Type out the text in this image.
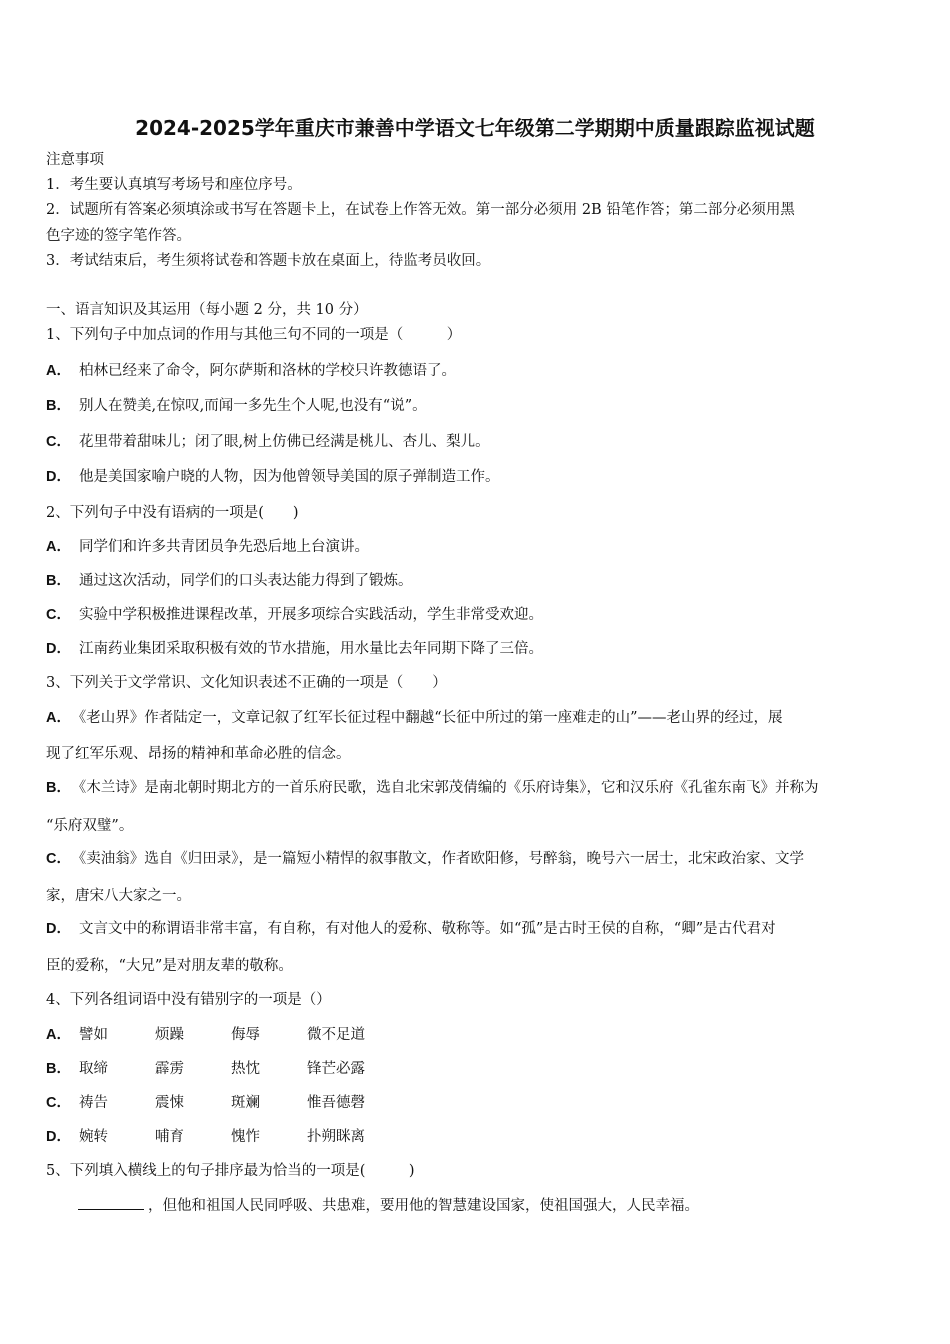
2024-2025学年重庆市兼善中学语文七年级第二学期期中质量跟踪监视试题
注意事项
1．考生要认真填写考场号和座位序号。
2．试题所有答案必须填涂或书写在答题卡上，在试卷上作答无效。第一部分必须用 2B 铅笔作答；第二部分必须用黑
色字迹的签字笔作答。
3．考试结束后，考生须将试卷和答题卡放在桌面上，待监考员收回。
一、语言知识及其运用（每小题 2 分，共 10 分）
1、下列句子中加点词的作用与其他三句不同的一项是（　　　）
A． 柏林已经来了命令，阿尔萨斯和洛林的学校只许教德语了。
B． 别人在赞美,在惊叹,而闻一多先生个人呢,也没有“说”。
C． 花里带着甜味儿；闭了眼,树上仿佛已经满是桃儿、杏儿、梨儿。
D． 他是美国家喻户晓的人物，因为他曾领导美国的原子弹制造工作。
2、下列句子中没有语病的一项是(　　)
A． 同学们和许多共青团员争先恐后地上台演讲。
B． 通过这次活动，同学们的口头表达能力得到了锻炼。
C． 实验中学积极推进课程改革，开展多项综合实践活动，学生非常受欢迎。
D． 江南药业集团采取积极有效的节水措施，用水量比去年同期下降了三倍。
3、下列关于文学常识、文化知识表述不正确的一项是（　　）
A． 《老山界》作者陆定一，文章记叙了红军长征过程中翻越“长征中所过的第一座难走的山”——老山界的经过，展
现了红军乐观、昂扬的精神和革命必胜的信念。
B． 《木兰诗》是南北朝时期北方的一首乐府民歌，选自北宋郭茂倩编的《乐府诗集》，它和汉乐府《孔雀东南飞》并称为
“乐府双璧”。
C． 《卖油翁》选自《归田录》，是一篇短小精悍的叙事散文，作者欧阳修，号醉翁，晚号六一居士，北宋政治家、文学
家，唐宋八大家之一。
D． 文言文中的称谓语非常丰富，有自称，有对他人的爱称、敬称等。如“孤”是古时王侯的自称，“卿”是古代君对
臣的爱称，“大兄”是对朋友辈的敬称。
4、下列各组词语中没有错别字的一项是（）
A． 譬如	烦躁	侮辱	微不足道
B． 取缔	霹雳	热忱	锋芒必露
C． 祷告	震悚	斑斓	惟吾德磬
D． 婉转	哺育	愧怍	扑朔眯离
5、下列填入横线上的句子排序最为恰当的一项是(　　　)
，但他和祖国人民同呼吸、共患难，要用他的智慧建设国家，使祖国强大，人民幸福。
